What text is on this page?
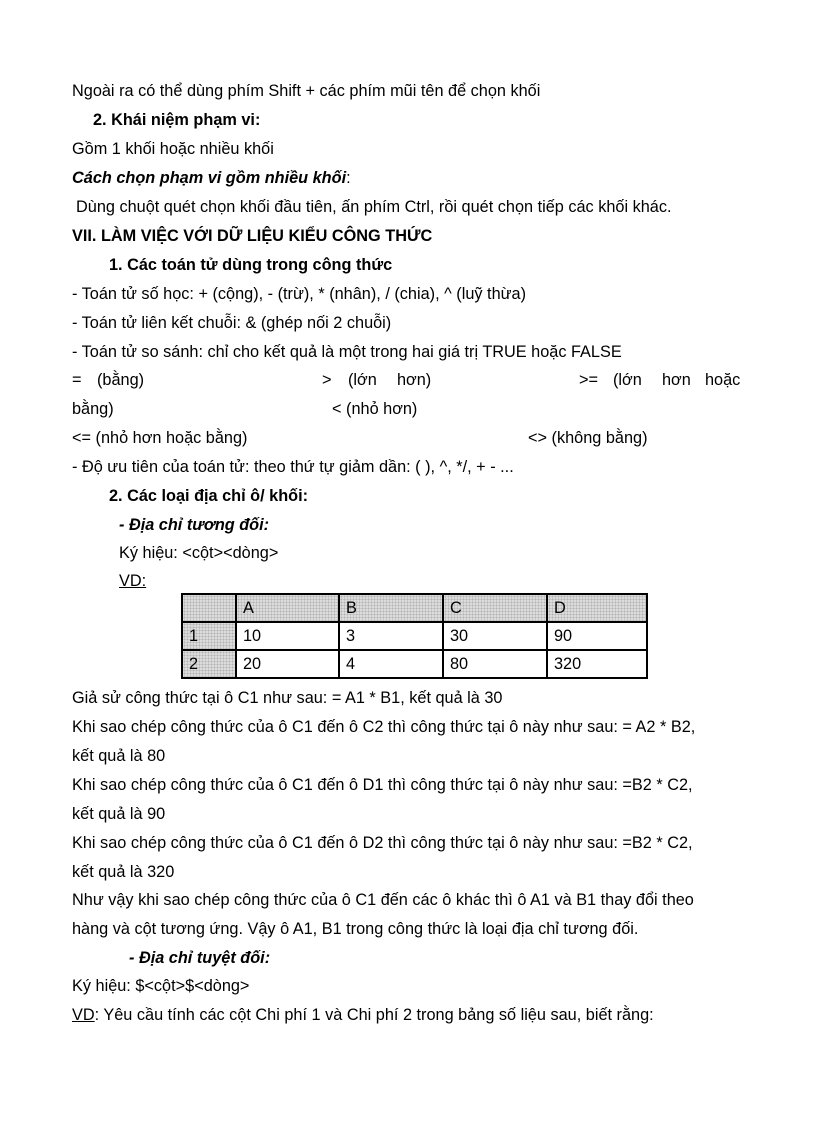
Ngoài ra có thể dùng phím Shift + các phím mũi tên để chọn khối
2. Khái niệm phạm vi:
Gồm 1 khối hoặc nhiều khối
Cách chọn phạm vi gồm nhiều khối:
Dùng chuột quét chọn khối đầu tiên, ấn phím Ctrl, rồi quét chọn tiếp các khối khác.
VII. LÀM VIỆC VỚI DỮ LIỆU KIỂU CÔNG THỨC
1. Các toán tử dùng trong công thức
- Toán tử số học: + (cộng), - (trừ), * (nhân), / (chia), ^ (luỹ thừa)
- Toán tử liên kết chuỗi: & (ghép nối 2 chuỗi)
- Toán tử so sánh: chỉ cho kết quả là một trong hai giá trị TRUE hoặc FALSE
= (bằng)	> (lớn hơn)	>= (lớn hơn hoặc
bằng)	< (nhỏ hơn)
<= (nhỏ hơn hoặc bằng)	<> (không bằng)
- Độ ưu tiên của toán tử: theo thứ tự giảm dần: ( ), ^, */, + - ...
2. Các loại địa chỉ ô/ khối:
- Địa chỉ tương đối:
Ký hiệu: <cột><dòng>
VD:
	A	B	C	D
1	10	3	30	90
2	20	4	80	320
Giả sử công thức tại ô C1 như sau: = A1 * B1, kết quả là 30
Khi sao chép công thức của ô C1 đến ô C2 thì công thức tại ô này như sau: = A2 * B2,
kết quả là 80
Khi sao chép công thức của ô C1 đến ô D1 thì công thức tại ô này như sau: =B2 * C2,
kết quả là 90
Khi sao chép công thức của ô C1 đến ô D2 thì công thức tại ô này như sau: =B2 * C2,
kết quả là 320
Như vậy khi sao chép công thức của ô C1 đến các ô khác thì ô A1 và B1 thay đổi theo
hàng và cột tương ứng. Vậy ô A1, B1 trong công thức là loại địa chỉ tương đối.
- Địa chỉ tuyệt đối:
Ký hiệu: $<cột>$<dòng>
VD: Yêu cầu tính các cột Chi phí 1 và Chi phí 2 trong bảng số liệu sau, biết rằng:
